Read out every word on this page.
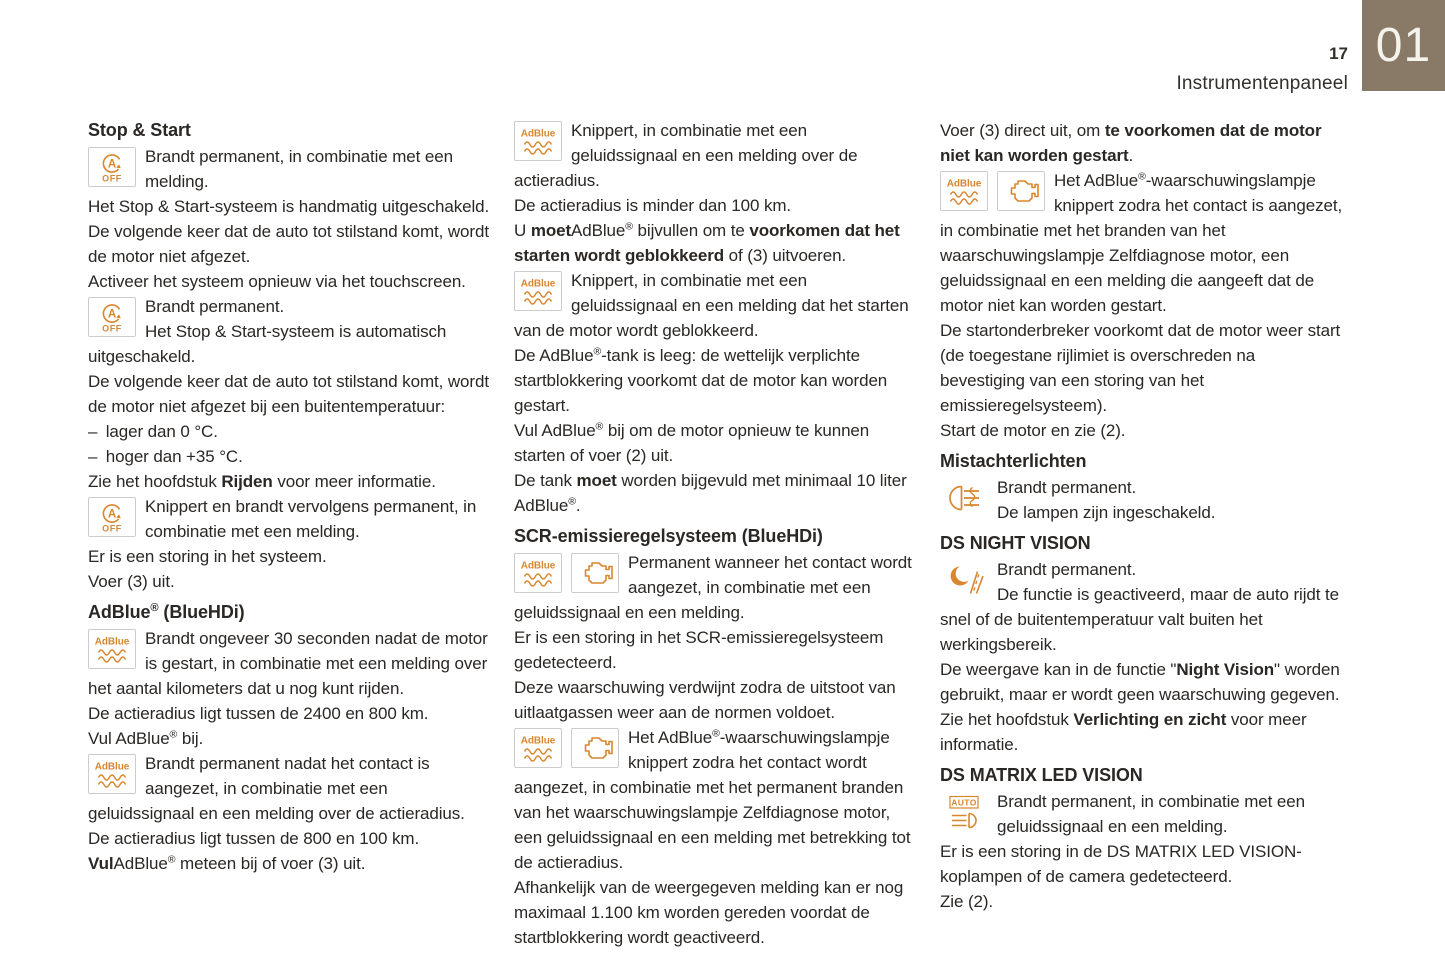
01
17
Instrumentenpaneel
Stop & Start
A
OFF
Brandt permanent, in combinatie met een melding.
Het Stop & Start-systeem is handmatig uitgeschakeld.
De volgende keer dat de auto tot stilstand komt, wordt de motor niet afgezet.
Activeer het systeem opnieuw via het touchscreen.
A
OFF
Brandt permanent.
Het Stop & Start-systeem is automatisch uitgeschakeld.
De volgende keer dat de auto tot stilstand komt, wordt de motor niet afgezet bij een buitentemperatuur:
– lager dan 0 °C.
– hoger dan +35 °C.
Zie het hoofdstuk Rijden voor meer informatie.
A
OFF
Knippert en brandt vervolgens permanent, in combinatie met een melding.
Er is een storing in het systeem.
Voer (3) uit.
AdBlue® (BlueHDi)
AdBlue Brandt ongeveer 30 seconden nadat de motor is gestart, in combinatie met een melding over het aantal kilometers dat u nog kunt rijden.
De actieradius ligt tussen de 2400 en 800 km.
Vul AdBlue® bij.
AdBlue Brandt permanent nadat het contact is aangezet, in combinatie met een geluidssignaal en een melding over de actieradius.
De actieradius ligt tussen de 800 en 100 km.
VulAdBlue® meteen bij of voer (3) uit.
AdBlue Knippert, in combinatie met een geluidssignaal en een melding over de actieradius.
De actieradius is minder dan 100 km.
U moetAdBlue® bijvullen om te voorkomen dat het starten wordt geblokkeerd of (3) uitvoeren.
AdBlue Knippert, in combinatie met een geluidssignaal en een melding dat het starten van de motor wordt geblokkeerd.
De AdBlue®-tank is leeg: de wettelijk verplichte startblokkering voorkomt dat de motor kan worden gestart.
Vul AdBlue® bij om de motor opnieuw te kunnen starten of voer (2) uit.
De tank moet worden bijgevuld met minimaal 10 liter AdBlue®.
SCR-emissieregelsysteem (BlueHDi)
AdBlue	Permanent wanneer het contact wordt aangezet, in combinatie met een geluidssignaal en een melding.
Er is een storing in het SCR-emissieregelsysteem gedetecteerd.
Deze waarschuwing verdwijnt zodra de uitstoot van uitlaatgassen weer aan de normen voldoet.
AdBlue	Het AdBlue®-waarschuwingslampje knippert zodra het contact wordt aangezet, in combinatie met het permanent branden van het waarschuwingslampje Zelfdiagnose motor, een geluidssignaal en een melding met betrekking tot de actieradius.
Afhankelijk van de weergegeven melding kan er nog maximaal 1.100 km worden gereden voordat de startblokkering wordt geactiveerd.
Voer (3) direct uit, om te voorkomen dat de motor niet kan worden gestart.
AdBlue	Het AdBlue®-waarschuwingslampje knippert zodra het contact is aangezet, in combinatie met het branden van het waarschuwingslampje Zelfdiagnose motor, een geluidssignaal en een melding die aangeeft dat de motor niet kan worden gestart.
De startonderbreker voorkomt dat de motor weer start (de toegestane rijlimiet is overschreden na bevestiging van een storing van het emissieregelsysteem).
Start de motor en zie (2).
Mistachterlichten
Brandt permanent.
De lampen zijn ingeschakeld.
DS NIGHT VISION
Brandt permanent.
De functie is geactiveerd, maar de auto rijdt te snel of de buitentemperatuur valt buiten het werkingsbereik.
De weergave kan in de functie "Night Vision" worden gebruikt, maar er wordt geen waarschuwing gegeven.
Zie het hoofdstuk Verlichting en zicht voor meer informatie.
DS MATRIX LED VISION
AUTO Brandt permanent, in combinatie met een geluidssignaal en een melding.
Er is een storing in de DS MATRIX LED VISION-koplampen of de camera gedetecteerd.
Zie (2).
